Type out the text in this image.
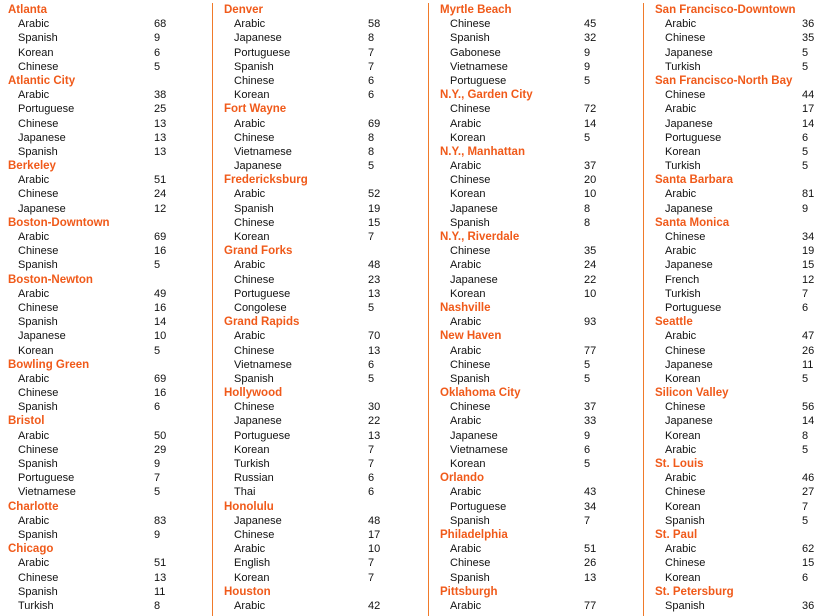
Atlanta
Arabic	68
Spanish	9
Korean	6
Chinese	5
Atlantic City
Arabic	38
Portuguese	25
Chinese	13
Japanese	13
Spanish	13
Berkeley
Arabic	51
Chinese	24
Japanese	12
Boston-Downtown
Arabic	69
Chinese	16
Spanish	5
Boston-Newton
Arabic	49
Chinese	16
Spanish	14
Japanese	10
Korean	5
Bowling Green
Arabic	69
Chinese	16
Spanish	6
Bristol
Arabic	50
Chinese	29
Spanish	9
Portuguese	7
Vietnamese	5
Charlotte
Arabic	83
Spanish	9
Chicago
Arabic	51
Chinese	13
Spanish	11
Turkish	8
Denver
Arabic	58
Japanese	8
Portuguese	7
Spanish	7
Chinese	6
Korean	6
Fort Wayne
Arabic	69
Chinese	8
Vietnamese	8
Japanese	5
Fredericksburg
Arabic	52
Spanish	19
Chinese	15
Korean	7
Grand Forks
Arabic	48
Chinese	23
Portuguese	13
Congolese	5
Grand Rapids
Arabic	70
Chinese	13
Vietnamese	6
Spanish	5
Hollywood
Chinese	30
Japanese	22
Portuguese	13
Korean	7
Turkish	7
Russian	6
Thai	6
Honolulu
Japanese	48
Chinese	17
Arabic	10
English	7
Korean	7
Houston
Arabic	42
Myrtle Beach
Chinese	45
Spanish	32
Gabonese	9
Vietnamese	9
Portuguese	5
N.Y., Garden City
Chinese	72
Arabic	14
Korean	5
N.Y., Manhattan
Arabic	37
Chinese	20
Korean	10
Japanese	8
Spanish	8
N.Y., Riverdale
Chinese	35
Arabic	24
Japanese	22
Korean	10
Nashville
Arabic	93
New Haven
Arabic	77
Chinese	5
Spanish	5
Oklahoma City
Chinese	37
Arabic	33
Japanese	9
Vietnamese	6
Korean	5
Orlando
Arabic	43
Portuguese	34
Spanish	7
Philadelphia
Arabic	51
Chinese	26
Spanish	13
Pittsburgh
Arabic	77
San Francisco-Downtown
Arabic	36
Chinese	35
Japanese	5
Turkish	5
San Francisco-North Bay
Chinese	44
Arabic	17
Japanese	14
Portuguese	6
Korean	5
Turkish	5
Santa Barbara
Arabic	81
Japanese	9
Santa Monica
Chinese	34
Arabic	19
Japanese	15
French	12
Turkish	7
Portuguese	6
Seattle
Arabic	47
Chinese	26
Japanese	11
Korean	5
Silicon Valley
Chinese	56
Japanese	14
Korean	8
Arabic	5
St. Louis
Arabic	46
Chinese	27
Korean	7
Spanish	5
St. Paul
Arabic	62
Chinese	15
Korean	6
St. Petersburg
Spanish	36
